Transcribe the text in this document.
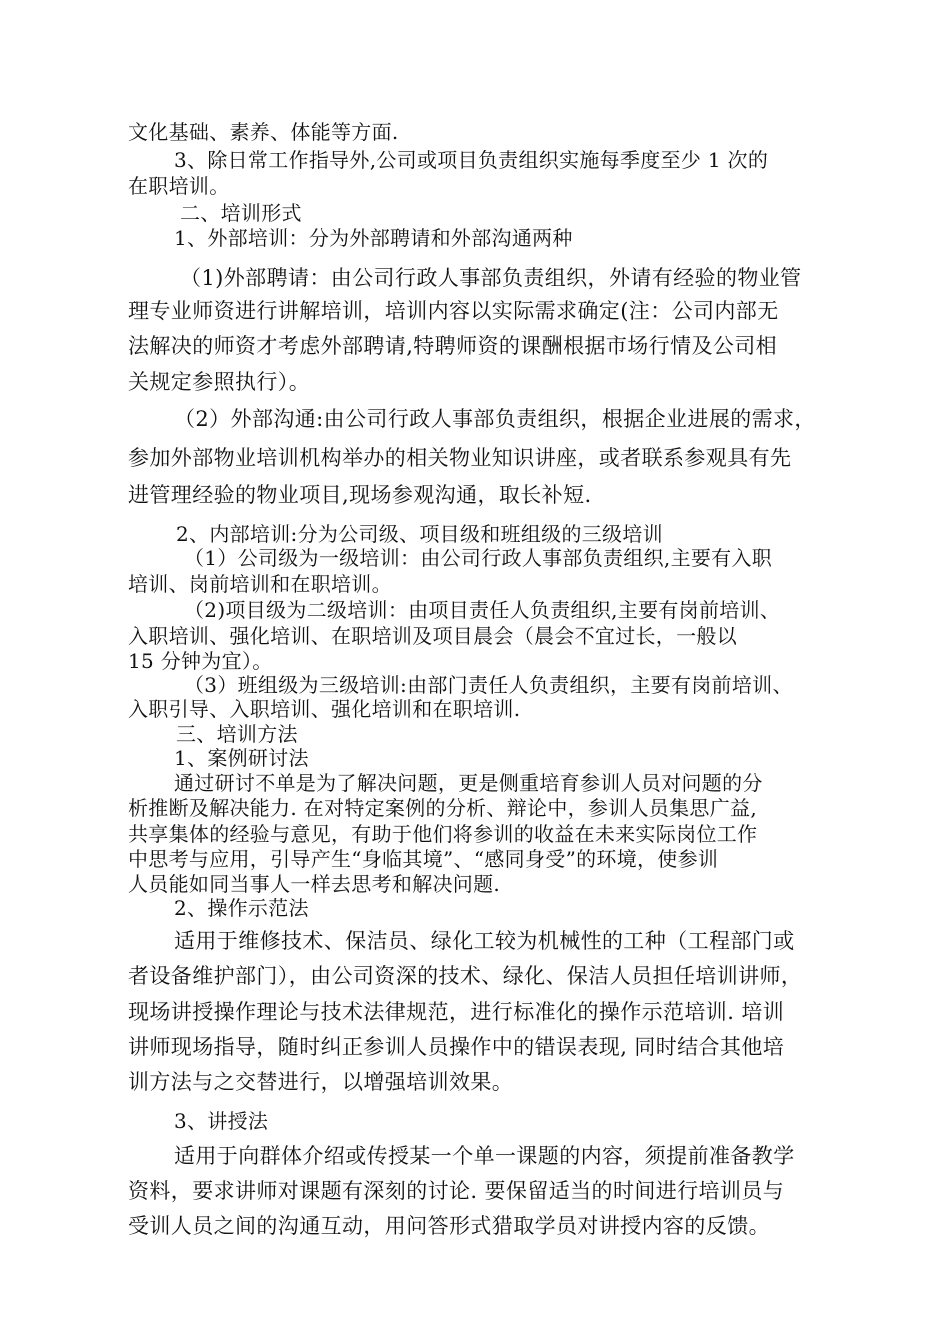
文化基础、素养、体能等方面.
3、除日常工作指导外,公司或项目负责组织实施每季度至少 1 次的
在职培训。
二、培训形式
1、外部培训：分为外部聘请和外部沟通两种
（1)外部聘请：由公司行政人事部负责组织，外请有经验的物业管
理专业师资进行讲解培训，培训内容以实际需求确定(注：公司内部无
法解决的师资才考虑外部聘请,特聘师资的课酬根据市场行情及公司相
关规定参照执行）。
（2）外部沟通:由公司行政人事部负责组织，根据企业进展的需求，
参加外部物业培训机构举办的相关物业知识讲座，或者联系参观具有先
进管理经验的物业项目,现场参观沟通，取长补短.
2、内部培训:分为公司级、项目级和班组级的三级培训
（1）公司级为一级培训：由公司行政人事部负责组织,主要有入职
培训、岗前培训和在职培训。
（2)项目级为二级培训：由项目责任人负责组织,主要有岗前培训、
入职培训、强化培训、在职培训及项目晨会（晨会不宜过长，一般以
15 分钟为宜）。
（3）班组级为三级培训:由部门责任人负责组织，主要有岗前培训、
入职引导、入职培训、强化培训和在职培训.
三、培训方法
1、案例研讨法
通过研讨不单是为了解决问题，更是侧重培育参训人员对问题的分
析推断及解决能力. 在对特定案例的分析、辩论中，参训人员集思广益,
共享集体的经验与意见，有助于他们将参训的收益在未来实际岗位工作
中思考与应用，引导产生“身临其境”、“感同身受”的环境，使参训
人员能如同当事人一样去思考和解决问题.
2、操作示范法
适用于维修技术、保洁员、绿化工较为机械性的工种（工程部门或
者设备维护部门），由公司资深的技术、绿化、保洁人员担任培训讲师，
现场讲授操作理论与技术法律规范，进行标准化的操作示范培训. 培训
讲师现场指导，随时纠正参训人员操作中的错误表现, 同时结合其他培
训方法与之交替进行，以增强培训效果。
3、讲授法
适用于向群体介绍或传授某一个单一课题的内容，须提前准备教学
资料，要求讲师对课题有深刻的讨论. 要保留适当的时间进行培训员与
受训人员之间的沟通互动，用问答形式猎取学员对讲授内容的反馈。
